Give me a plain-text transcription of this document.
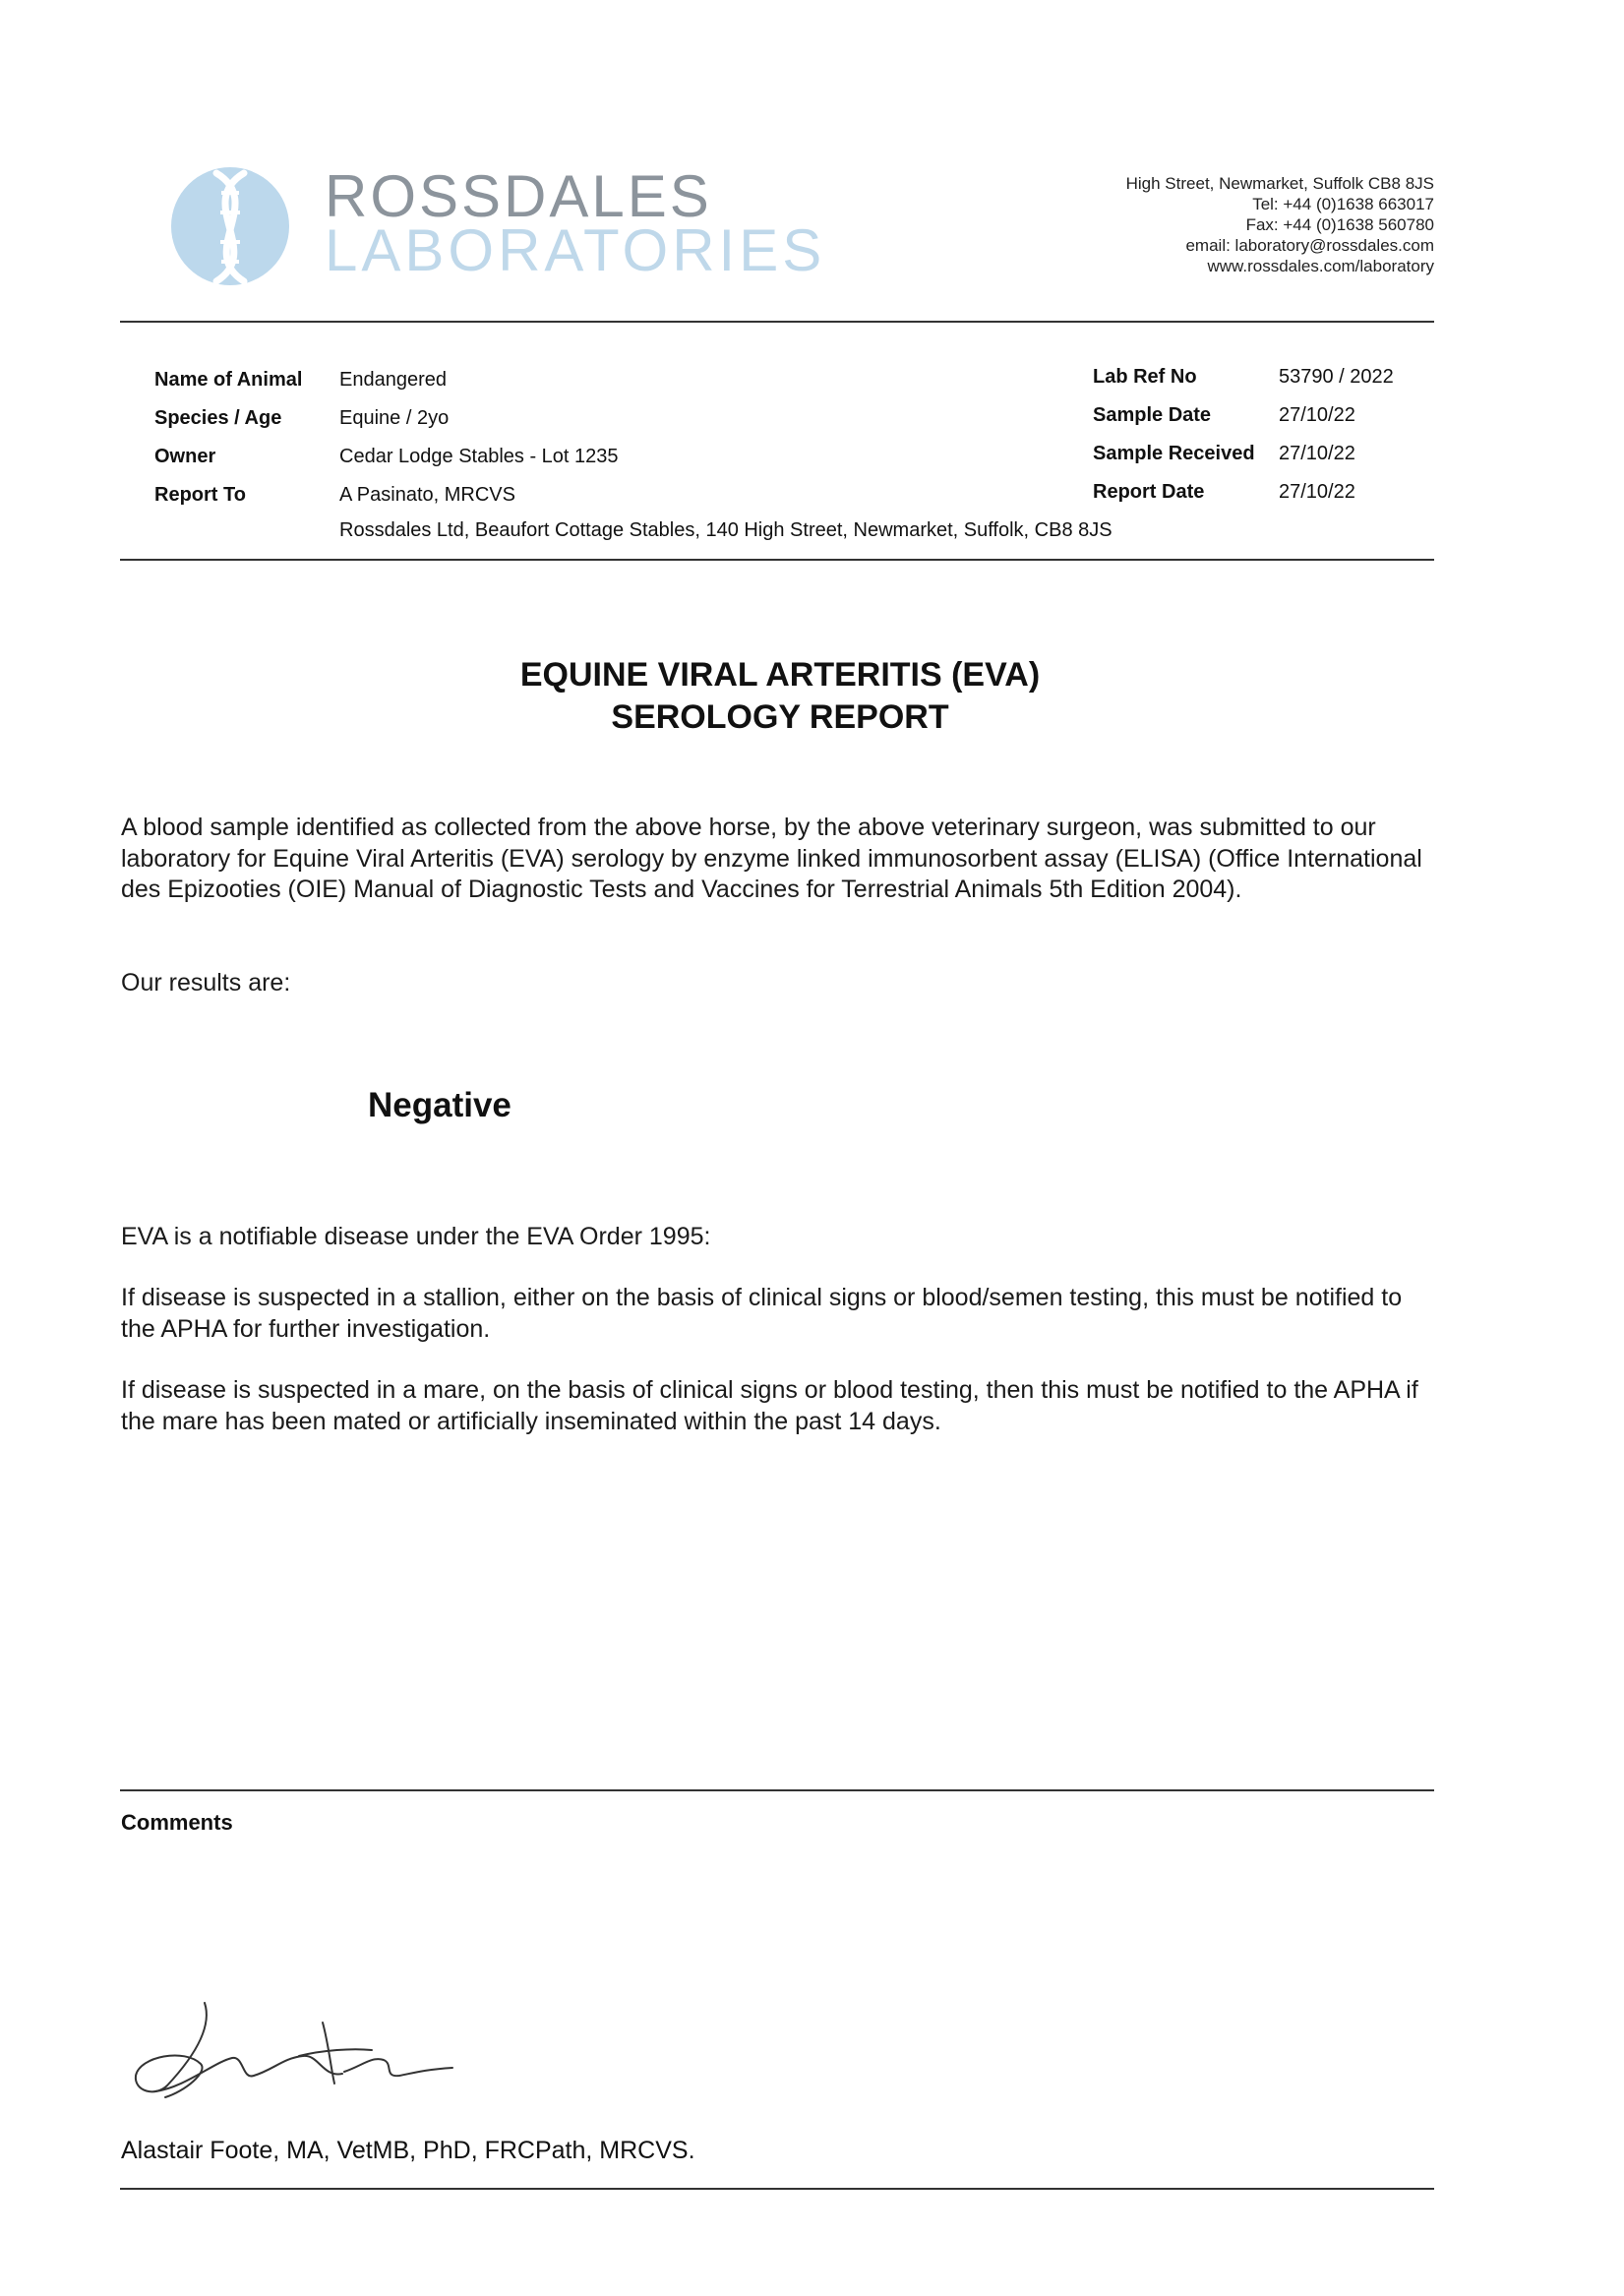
ROSSDALES
LABORATORIES
High Street, Newmarket, Suffolk CB8 8JS
Tel: +44 (0)1638 663017
Fax: +44 (0)1638 560780
email: laboratory@rossdales.com
www.rossdales.com/laboratory
Name of Animal Endangered
Species / Age	Equine / 2yo
Owner	Cedar Lodge Stables - Lot 1235
Report To	A Pasinato, MRCVS
Rossdales Ltd, Beaufort Cottage Stables, 140 High Street, Newmarket, Suffolk, CB8 8JS
Lab Ref No	53790 / 2022
Sample Date	27/10/22
Sample Received 27/10/22
Report Date	27/10/22
EQUINE VIRAL ARTERITIS (EVA)
SEROLOGY REPORT
A blood sample identified as collected from the above horse, by the above veterinary surgeon, was submitted to our laboratory for Equine Viral Arteritis (EVA) serology by enzyme linked immunosorbent assay (ELISA) (Office International des Epizooties (OIE) Manual of Diagnostic Tests and Vaccines for Terrestrial Animals 5th Edition 2004).
Our results are:
Negative
EVA is a notifiable disease under the EVA Order 1995:
If disease is suspected in a stallion, either on the basis of clinical signs or blood/semen testing, this must be notified to the APHA for further investigation.
If disease is suspected in a mare, on the basis of clinical signs or blood testing, then this must be notified to the APHA if the mare has been mated or artificially inseminated within the past 14 days.
Comments
Alastair Foote, MA, VetMB, PhD, FRCPath, MRCVS.
